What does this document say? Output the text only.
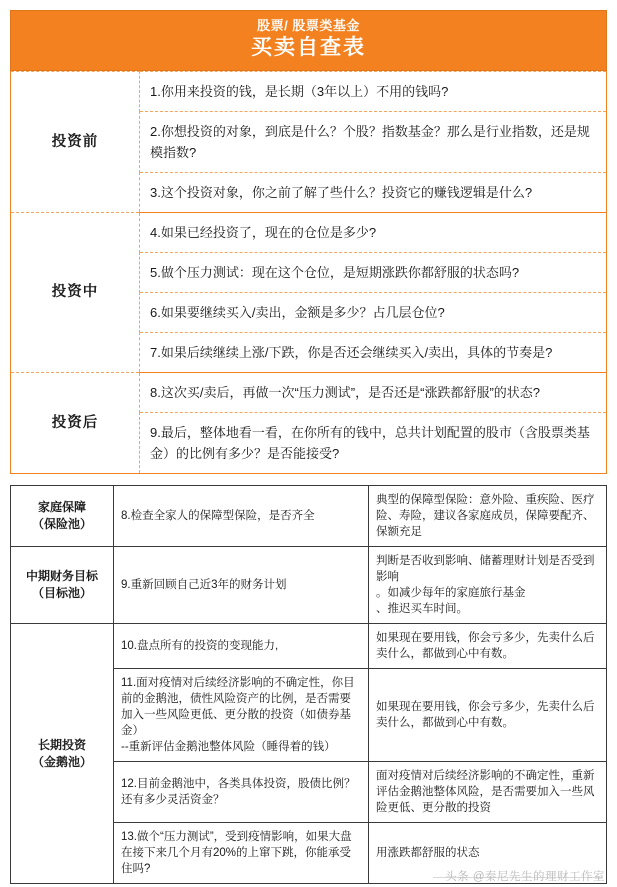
股票/ 股票类基金
买卖自查表
投资前	1.你用来投资的钱，是长期（3年以上）不用的钱吗?
	2.你想投资的对象，到底是什么？个股？指数基金？那么是行业指数，还是规模指数?
	3.这个投资对象，你之前了解了些什么？投资它的赚钱逻辑是什么?
投资中	4.如果已经投资了，现在的仓位是多少?
	5.做个压力测试：现在这个仓位，是短期涨跌你都舒服的状态吗?
	6.如果要继续买入/卖出，金额是多少？占几层仓位?
	7.如果后续继续上涨/下跌，你是否还会继续买入/卖出，具体的节奏是?
投资后	8.这次买/卖后，再做一次“压力测试”，是否还是“涨跌都舒服”的状态?
	9.最后，整体地看一看，在你所有的钱中，总共计划配置的股市（含股票类基金）的比例有多少？是否能接受?
家庭保障
（保险池）	8.检查全家人的保障型保险，是否齐全	典型的保障型保险：意外险、重疾险、医疗险、寿险，建议各家庭成员，保障要配齐、保额充足
中期财务目标
（目标池）	9.重新回顾自己近3年的财务计划	判断是否收到影响、储蓄理财计划是否受到影响
。如减少每年的家庭旅行基金
、推迟买车时间。
长期投资
（金鹅池）	10.盘点所有的投资的变现能力,	如果现在要用钱，你会亏多少，先卖什么后卖什么，都做到心中有数。
	11.面对疫情对后续经济影响的不确定性，你目前的金鹅池，债性风险资产的比例，是否需要加入一些风险更低、更分散的投资（如债券基金）
--重新评估金鹅池整体风险（睡得着的钱）	如果现在要用钱，你会亏多少，先卖什么后卖什么，都做到心中有数。
	12.目前金鹅池中，各类具体投资，股债比例？还有多少灵活资金？	面对疫情对后续经济影响的不确定性，重新评估金鹅池整体风险，是否需要加入一些风险更低、更分散的投资
	13.做个“压力测试”，受到疫情影响，如果大盘在接下来几个月有20%的上窜下跳，你能承受住吗?	用涨跌都舒服的状态
头条 @秦尼先生的理财工作室
